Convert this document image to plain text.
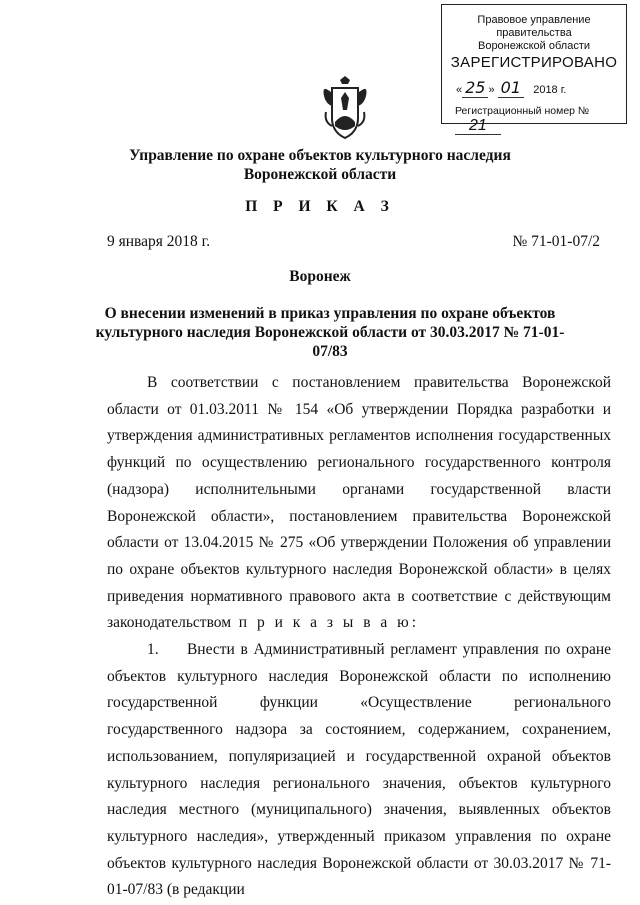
Правовое управление правительства
Воронежской области
ЗАРЕГИСТРИРОВАНО
« 25 » 01 2018 г.
Регистрационный номер № 21
Управление по охране объектов культурного наследия
Воронежской области
П Р И К А З
9 января 2018 г.	№ 71-01-07/2
Воронеж
О внесении изменений в приказ управления по охране объектов
культурного наследия Воронежской области от 30.03.2017 № 71-01-07/83

В соответствии с постановлением правительства Воронежской области от 01.03.2011 № 154 «Об утверждении Порядка разработки и утверждения административных регламентов исполнения государственных функций по осуществлению регионального государственного контроля (надзора) исполнительными органами государственной власти Воронежской области», постановлением правительства Воронежской области от 13.04.2015 № 275 «Об утверждении Положения об управлении по охране объектов культурного наследия Воронежской области» в целях приведения нормативного правового акта в соответствие с действующим законодательством п р и к а з ы в а ю:

1.     Внести в Административный регламент управления по охране объектов культурного наследия Воронежской области по исполнению государственной функции «Осуществление регионального государственного надзора за состоянием, содержанием, сохранением, использованием, популяризацией и государственной охраной объектов культурного наследия регионального значения, объектов культурного наследия местного (муниципального) значения, выявленных объектов культурного наследия», утвержденный приказом управления по охране объектов культурного наследия Воронежской области от 30.03.2017 № 71-01-07/83 (в редакции
